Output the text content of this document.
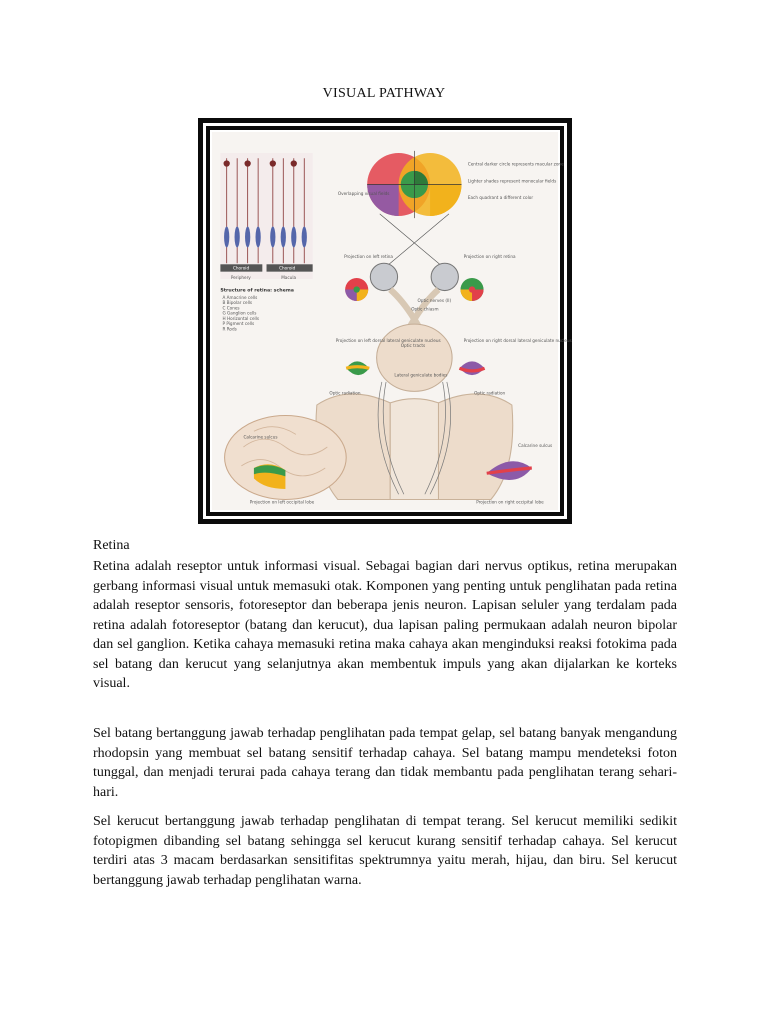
VISUAL PATHWAY
Choroid	Choroid
Periphery	Macula
Structure of retina: schema
A Amacrine cells
B Bipolar cells
C Cones
G Ganglion cells
H Horizontal cells
P Pigment cells
R Rods
Overlapping visual fields
Central darker circle represents macular zone
Lighter shades represent monocular fields
Each quadrant a different color
Projection on left retina	Projection on right retina
Optic nerves (II)
Optic chiasm
Optic tracts
Lateral geniculate bodies
Projection on left dorsal lateral geniculate nucleus	Projection on right dorsal lateral geniculate nucleus
Optic radiation	Optic radiation
Calcarine sulcus
Projection on left occipital lobe
Calcarine sulcus
Projection on right occipital lobe
Retina

Retina adalah reseptor untuk informasi visual. Sebagai bagian dari nervus optikus, retina merupakan gerbang informasi visual untuk memasuki otak. Komponen yang penting untuk penglihatan pada retina adalah reseptor sensoris, fotoreseptor dan beberapa jenis neuron. Lapisan seluler yang terdalam pada retina adalah fotoreseptor (batang dan kerucut), dua lapisan paling permukaan adalah neuron bipolar dan sel ganglion. Ketika cahaya memasuki retina maka cahaya akan menginduksi reaksi fotokima pada sel batang dan kerucut yang selanjutnya akan membentuk impuls yang akan dijalarkan ke korteks visual.

Sel batang bertanggung jawab terhadap penglihatan pada tempat gelap, sel batang banyak mengandung rhodopsin yang membuat sel batang sensitif terhadap cahaya. Sel batang mampu mendeteksi foton tunggal, dan menjadi terurai pada cahaya terang dan tidak membantu pada penglihatan terang sehari-hari.

Sel kerucut bertanggung jawab terhadap penglihatan di tempat terang. Sel kerucut memiliki sedikit fotopigmen dibanding sel batang sehingga sel kerucut kurang sensitif terhadap cahaya. Sel kerucut terdiri atas 3 macam berdasarkan sensitifitas spektrumnya yaitu merah, hijau, dan biru. Sel kerucut bertanggung jawab terhadap penglihatan warna.
